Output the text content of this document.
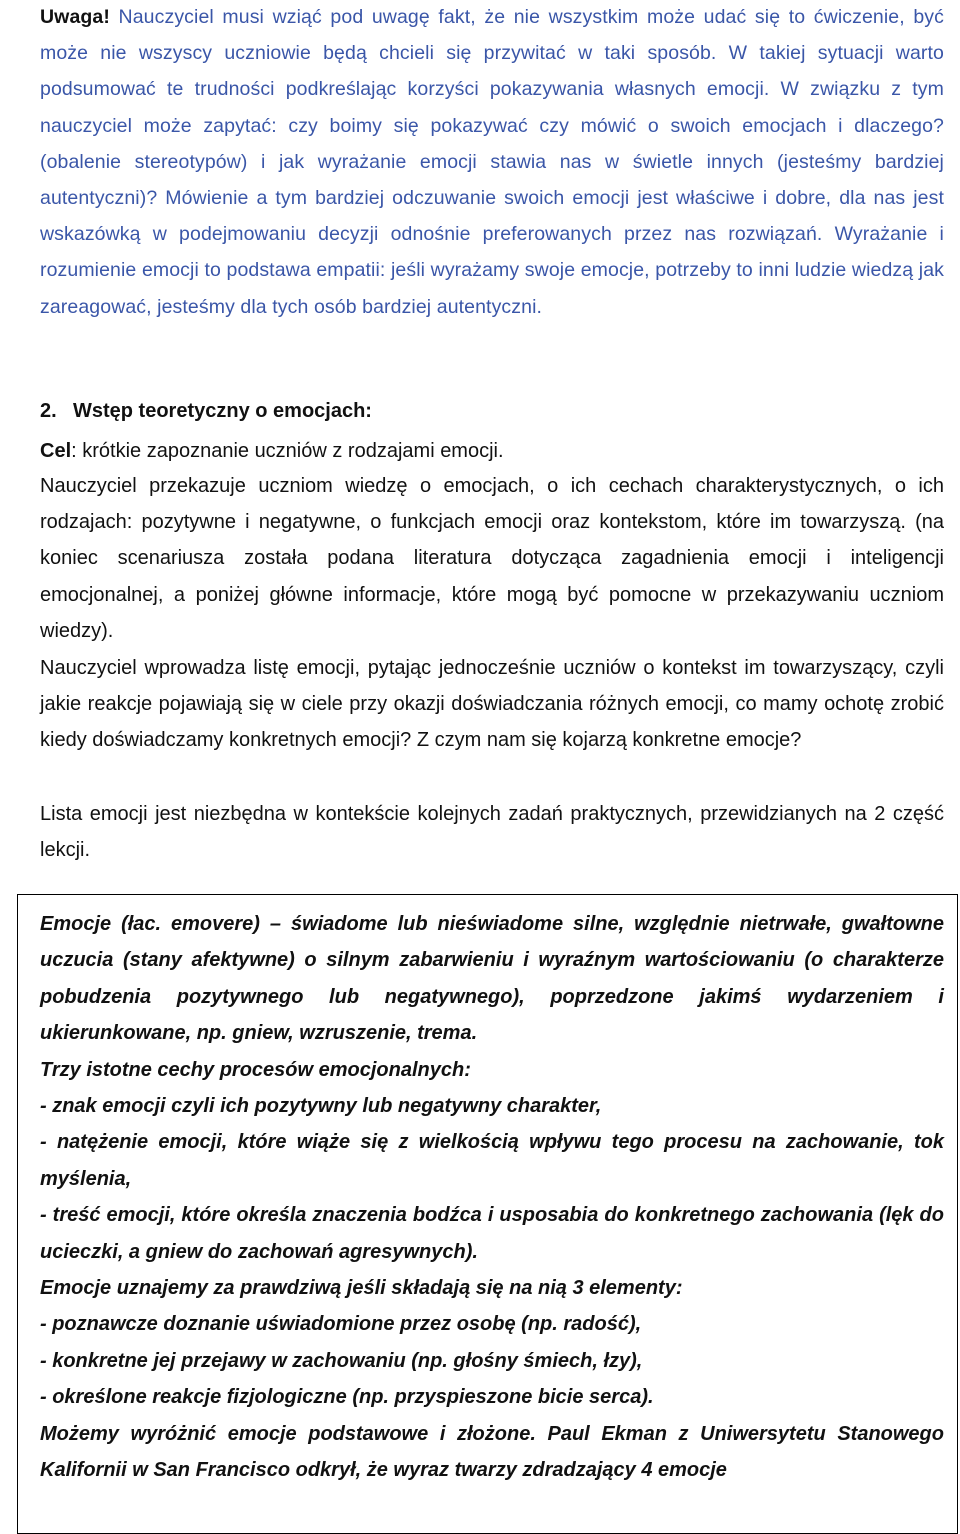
Uwaga! Nauczyciel musi wziąć pod uwagę fakt, że nie wszystkim może udać się to ćwiczenie, być może nie wszyscy uczniowie będą chcieli się przywitać w taki sposób. W takiej sytuacji warto podsumować te trudności podkreślając korzyści pokazywania własnych emocji. W związku z tym nauczyciel może zapytać: czy boimy się pokazywać czy mówić o swoich emocjach i dlaczego? (obalenie stereotypów) i jak wyrażanie emocji stawia nas w świetle innych (jesteśmy bardziej autentyczni)? Mówienie a tym bardziej odczuwanie swoich emocji jest właściwe i dobre, dla nas jest wskazówką w podejmowaniu decyzji odnośnie preferowanych przez nas rozwiązań. Wyrażanie i rozumienie emocji to podstawa empatii: jeśli wyrażamy swoje emocje, potrzeby to inni ludzie wiedzą jak zareagować, jesteśmy dla tych osób bardziej autentyczni.

2. Wstęp teoretyczny o emocjach:

Cel: krótkie zapoznanie uczniów z rodzajami emocji.

Nauczyciel przekazuje uczniom wiedzę o emocjach, o ich cechach charakterystycznych, o ich rodzajach: pozytywne i negatywne, o funkcjach emocji oraz kontekstom, które im towarzyszą. (na koniec scenariusza została podana literatura dotycząca zagadnienia emocji i inteligencji emocjonalnej, a poniżej główne informacje, które mogą być pomocne w przekazywaniu uczniom wiedzy).

Nauczyciel wprowadza listę emocji, pytając jednocześnie uczniów o kontekst im towarzyszący, czyli jakie reakcje pojawiają się w ciele przy okazji doświadczania różnych emocji, co mamy ochotę zrobić kiedy doświadczamy konkretnych emocji? Z czym nam się kojarzą konkretne emocje?

Lista emocji jest niezbędna w kontekście kolejnych zadań praktycznych, przewidzianych na 2 część lekcji.

Emocje (łac. emovere) – świadome lub nieświadome silne, względnie nietrwałe, gwałtowne uczucia (stany afektywne) o silnym zabarwieniu i wyraźnym wartościowaniu (o charakterze pobudzenia pozytywnego lub negatywnego), poprzedzone jakimś wydarzeniem i ukierunkowane, np. gniew, wzruszenie, trema.

Trzy istotne cechy procesów emocjonalnych:

- znak emocji czyli ich pozytywny lub negatywny charakter,

- natężenie emocji, które wiąże się z wielkością wpływu tego procesu na zachowanie, tok myślenia,

- treść emocji, które określa znaczenia bodźca i usposabia do konkretnego zachowania (lęk do ucieczki, a gniew do zachowań agresywnych).

Emocje uznajemy za prawdziwą jeśli składają się na nią 3 elementy:

- poznawcze doznanie uświadomione przez osobę (np. radość),

- konkretne jej przejawy w zachowaniu (np. głośny śmiech, łzy),

- określone reakcje fizjologiczne (np. przyspieszone bicie serca).

Możemy wyróżnić emocje podstawowe i złożone. Paul Ekman z Uniwersytetu Stanowego Kalifornii w San Francisco odkrył, że wyraz twarzy zdradzający 4 emocje
